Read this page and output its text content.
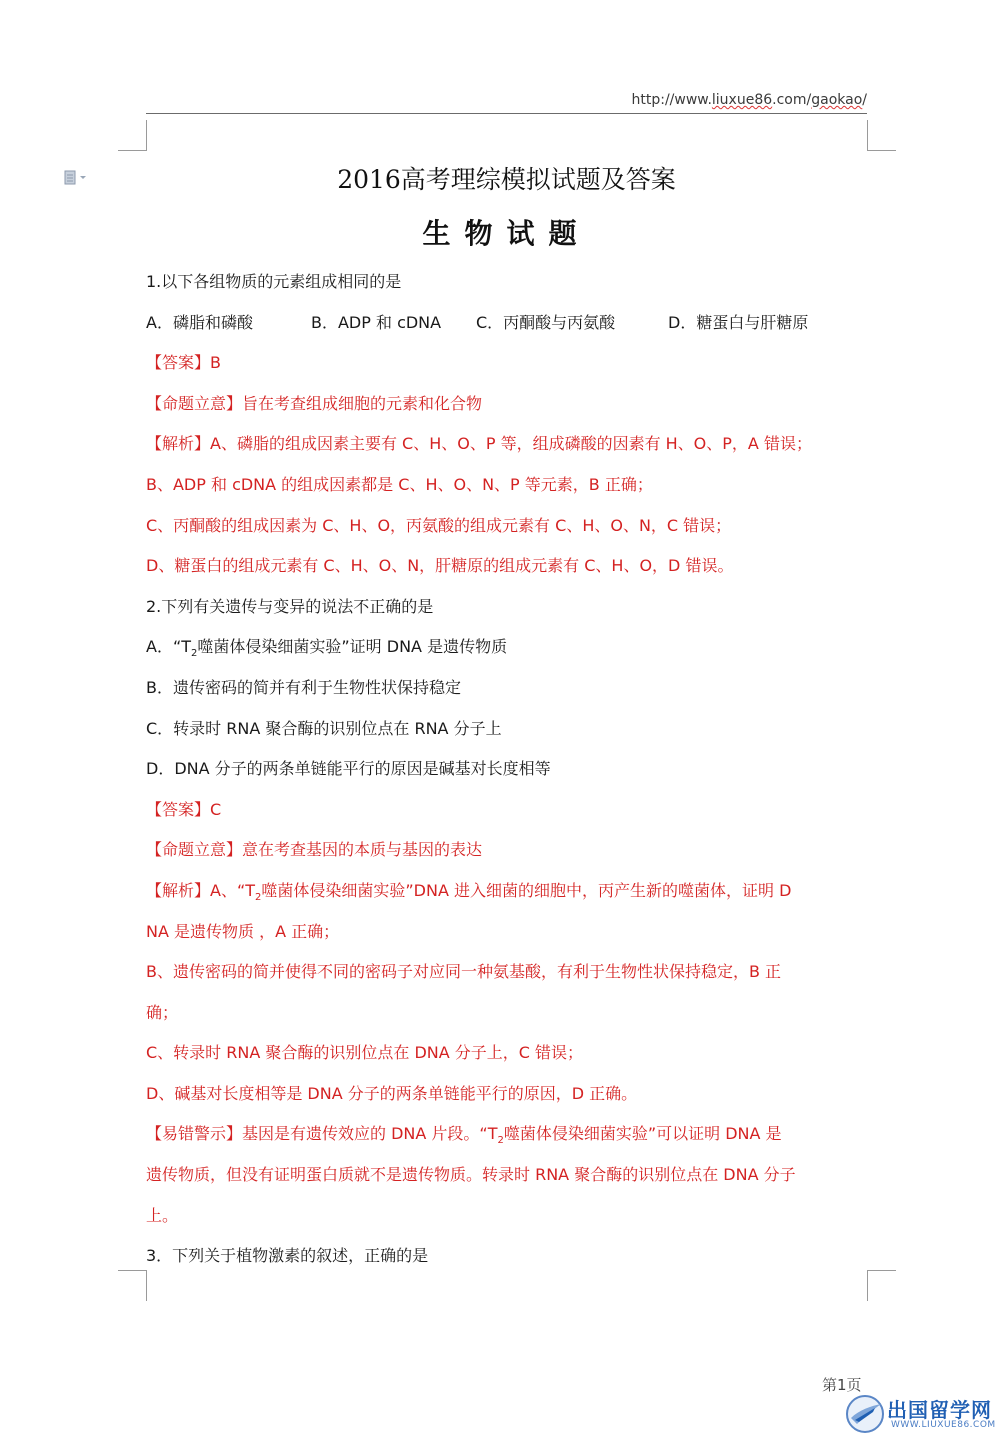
http://www.liuxue86.com/gaokao/
2016高考理综模拟试题及答案
生物试题
1.以下各组物质的元素组成相同的是
A．磷脂和磷酸	B．ADP 和 cDNA C．丙酮酸与丙氨酸	D．糖蛋白与肝糖原
【答案】B
【命题立意】旨在考查组成细胞的元素和化合物
【解析】A、磷脂的组成因素主要有 C、H、O、P 等，组成磷酸的因素有 H、O、P，A 错误；
B、ADP 和 cDNA 的组成因素都是 C、H、O、N、P 等元素，B 正确；
C、丙酮酸的组成因素为 C、H、O，丙氨酸的组成元素有 C、H、O、N，C 错误；
D、糖蛋白的组成元素有 C、H、O、N，肝糖原的组成元素有 C、H、O，D 错误。
2.下列有关遗传与变异的说法不正确的是
A．“$T_2$噬菌体侵染细菌实验”证明 DNA 是遗传物质
B．遗传密码的简并有利于生物性状保持稳定
C．转录时 RNA 聚合酶的识别位点在 RNA 分子上
D．DNA 分子的两条单链能平行的原因是碱基对长度相等
【答案】C
【命题立意】意在考查基因的本质与基因的表达
【解析】A、“$T_2$噬菌体侵染细菌实验”DNA 进入细菌的细胞中，丙产生新的噬菌体，证明 D
NA 是遗传物质 ，A 正确；
B、遗传密码的简并使得不同的密码子对应同一种氨基酸，有利于生物性状保持稳定，B 正
确；
C、转录时 RNA 聚合酶的识别位点在 DNA 分子上，C 错误；
D、碱基对长度相等是 DNA 分子的两条单链能平行的原因，D 正确。
【易错警示】基因是有遗传效应的 DNA 片段。“$T_2$噬菌体侵染细菌实验”可以证明 DNA 是
遗传物质，但没有证明蛋白质就不是遗传物质。转录时 RNA 聚合酶的识别位点在 DNA 分子
上。
3．下列关于植物激素的叙述，正确的是
第1页
出国留学网
WWW.LIUXUE86.COM
